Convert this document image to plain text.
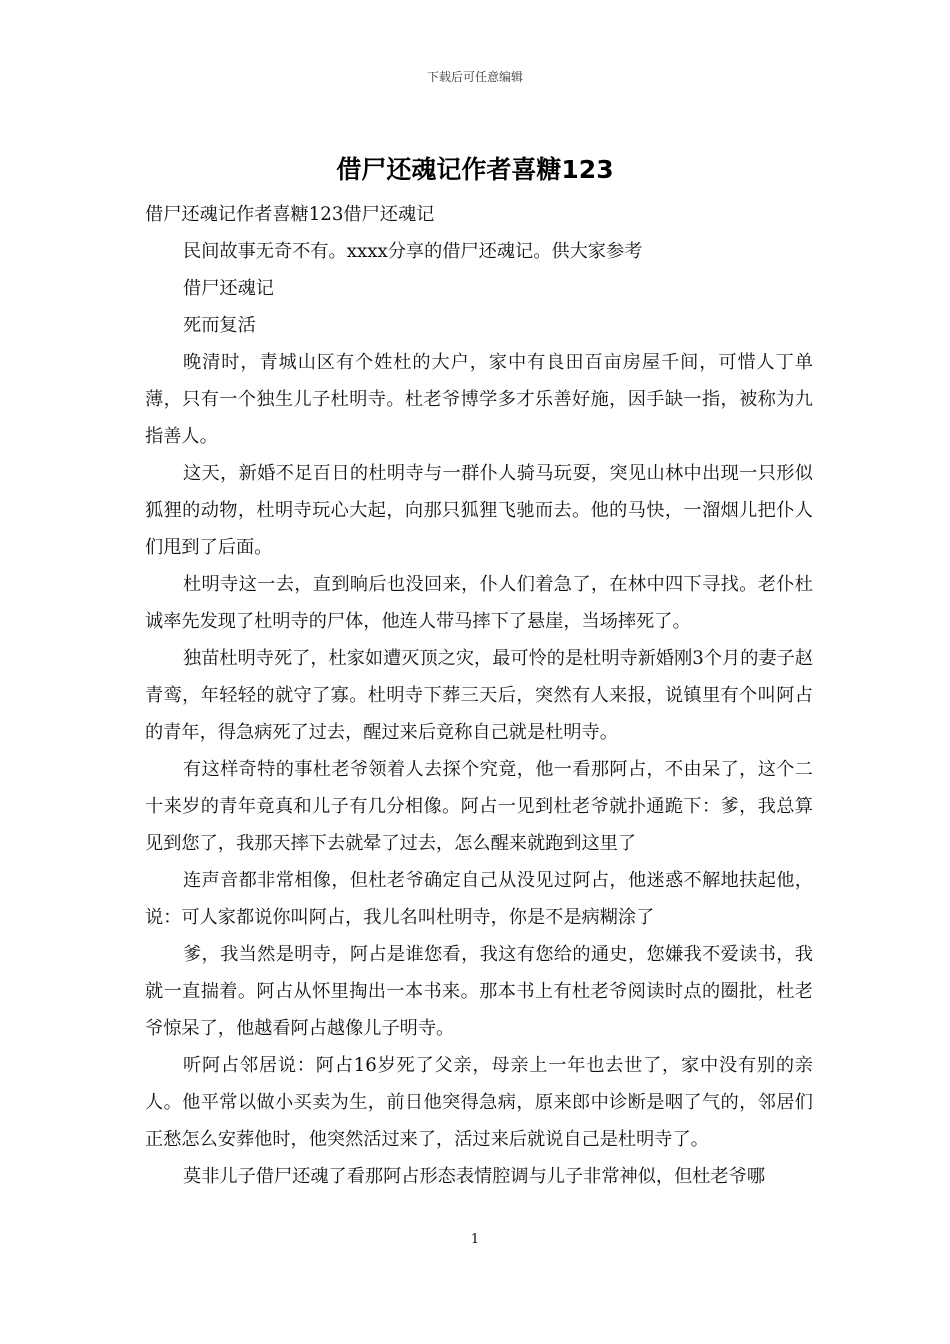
下载后可任意编辑
借尸还魂记作者喜糖123

借尸还魂记作者喜糖123借尸还魂记

民间故事无奇不有。xxxx分享的借尸还魂记。供大家参考

借尸还魂记

死而复活

晚清时，青城山区有个姓杜的大户，家中有良田百亩房屋千间，可惜人丁单薄，只有一个独生儿子杜明寺。杜老爷博学多才乐善好施，因手缺一指，被称为九指善人。

这天，新婚不足百日的杜明寺与一群仆人骑马玩耍，突见山林中出现一只形似狐狸的动物，杜明寺玩心大起，向那只狐狸飞驰而去。他的马快，一溜烟儿把仆人们甩到了后面。

杜明寺这一去，直到晌后也没回来，仆人们着急了，在林中四下寻找。老仆杜诚率先发现了杜明寺的尸体，他连人带马摔下了悬崖，当场摔死了。

独苗杜明寺死了，杜家如遭灭顶之灾，最可怜的是杜明寺新婚刚3个月的妻子赵青鸾，年轻轻的就守了寡。杜明寺下葬三天后，突然有人来报，说镇里有个叫阿占的青年，得急病死了过去，醒过来后竟称自己就是杜明寺。

有这样奇特的事杜老爷领着人去探个究竟，他一看那阿占，不由呆了，这个二十来岁的青年竟真和儿子有几分相像。阿占一见到杜老爷就扑通跪下：爹，我总算见到您了，我那天摔下去就晕了过去，怎么醒来就跑到这里了

连声音都非常相像，但杜老爷确定自己从没见过阿占，他迷惑不解地扶起他，说：可人家都说你叫阿占，我儿名叫杜明寺，你是不是病糊涂了

爹，我当然是明寺，阿占是谁您看，我这有您给的通史，您嫌我不爱读书，我就一直揣着。阿占从怀里掏出一本书来。那本书上有杜老爷阅读时点的圈批，杜老爷惊呆了，他越看阿占越像儿子明寺。

听阿占邻居说：阿占16岁死了父亲，母亲上一年也去世了，家中没有别的亲人。他平常以做小买卖为生，前日他突得急病，原来郎中诊断是咽了气的，邻居们正愁怎么安葬他时，他突然活过来了，活过来后就说自己是杜明寺了。

莫非儿子借尸还魂了看那阿占形态表情腔调与儿子非常神似，但杜老爷哪

1
